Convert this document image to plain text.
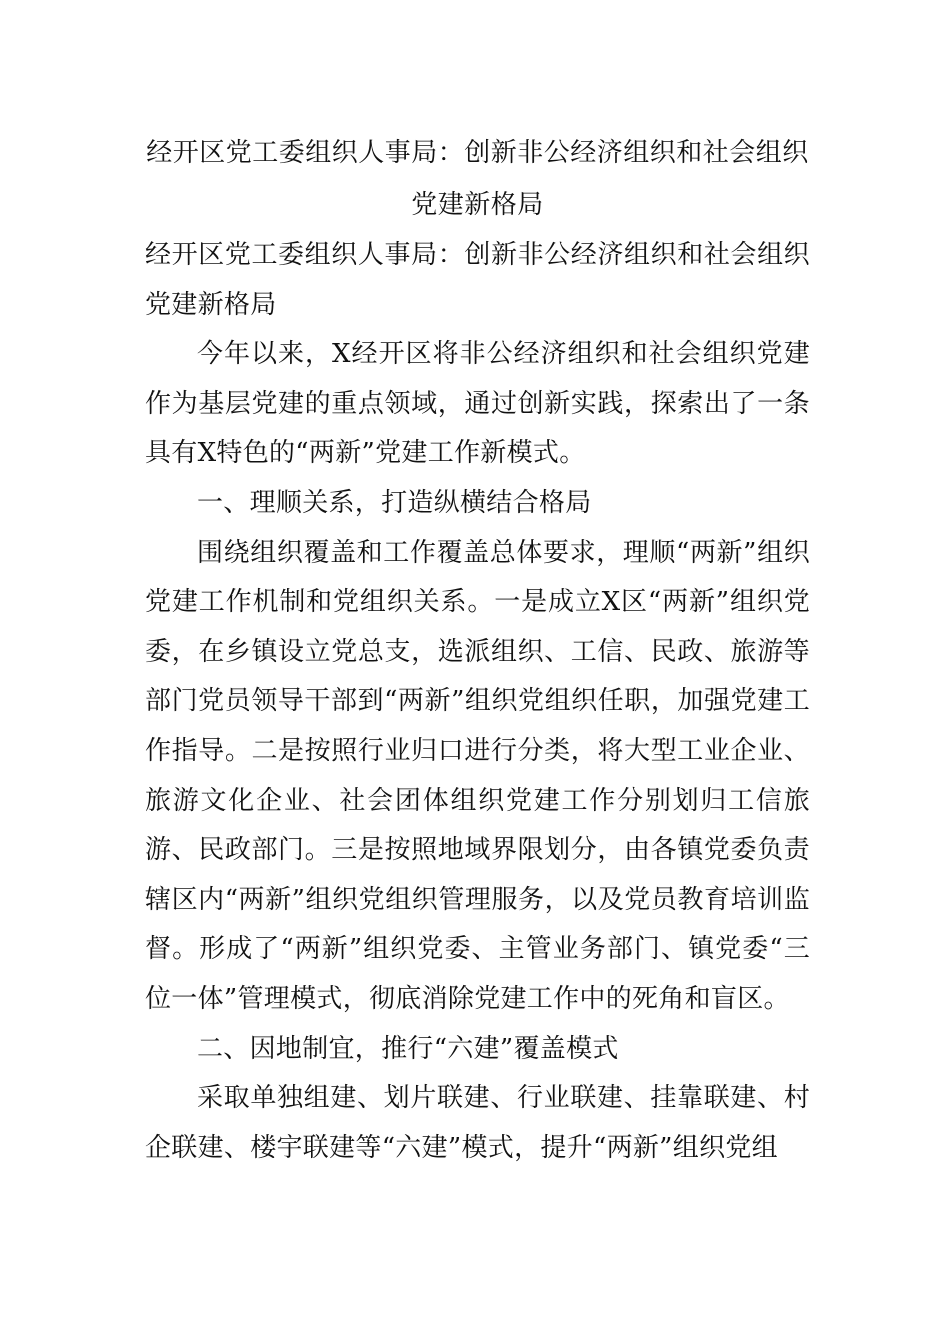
经开区党工委组织人事局：创新非公经济组织和社会组织
党建新格局

经开区党工委组织人事局：创新非公经济组织和社会组织党建新格局

今年以来，X经开区将非公经济组织和社会组织党建作为基层党建的重点领域，通过创新实践，探索出了一条具有X特色的“两新”党建工作新模式。

一、理顺关系，打造纵横结合格局

围绕组织覆盖和工作覆盖总体要求，理顺“两新”组织党建工作机制和党组织关系。一是成立X区“两新”组织党委，在乡镇设立党总支，选派组织、工信、民政、旅游等部门党员领导干部到“两新”组织党组织任职，加强党建工作指导。二是按照行业归口进行分类，将大型工业企业、旅游文化企业、社会团体组织党建工作分别划归工信旅游、民政部门。三是按照地域界限划分，由各镇党委负责辖区内“两新”组织党组织管理服务，以及党员教育培训监督。形成了“两新”组织党委、主管业务部门、镇党委“三位一体”管理模式，彻底消除党建工作中的死角和盲区。

二、因地制宜，推行“六建”覆盖模式

采取单独组建、划片联建、行业联建、挂靠联建、村企联建、楼宇联建等“六建”模式，提升“两新”组织党组
